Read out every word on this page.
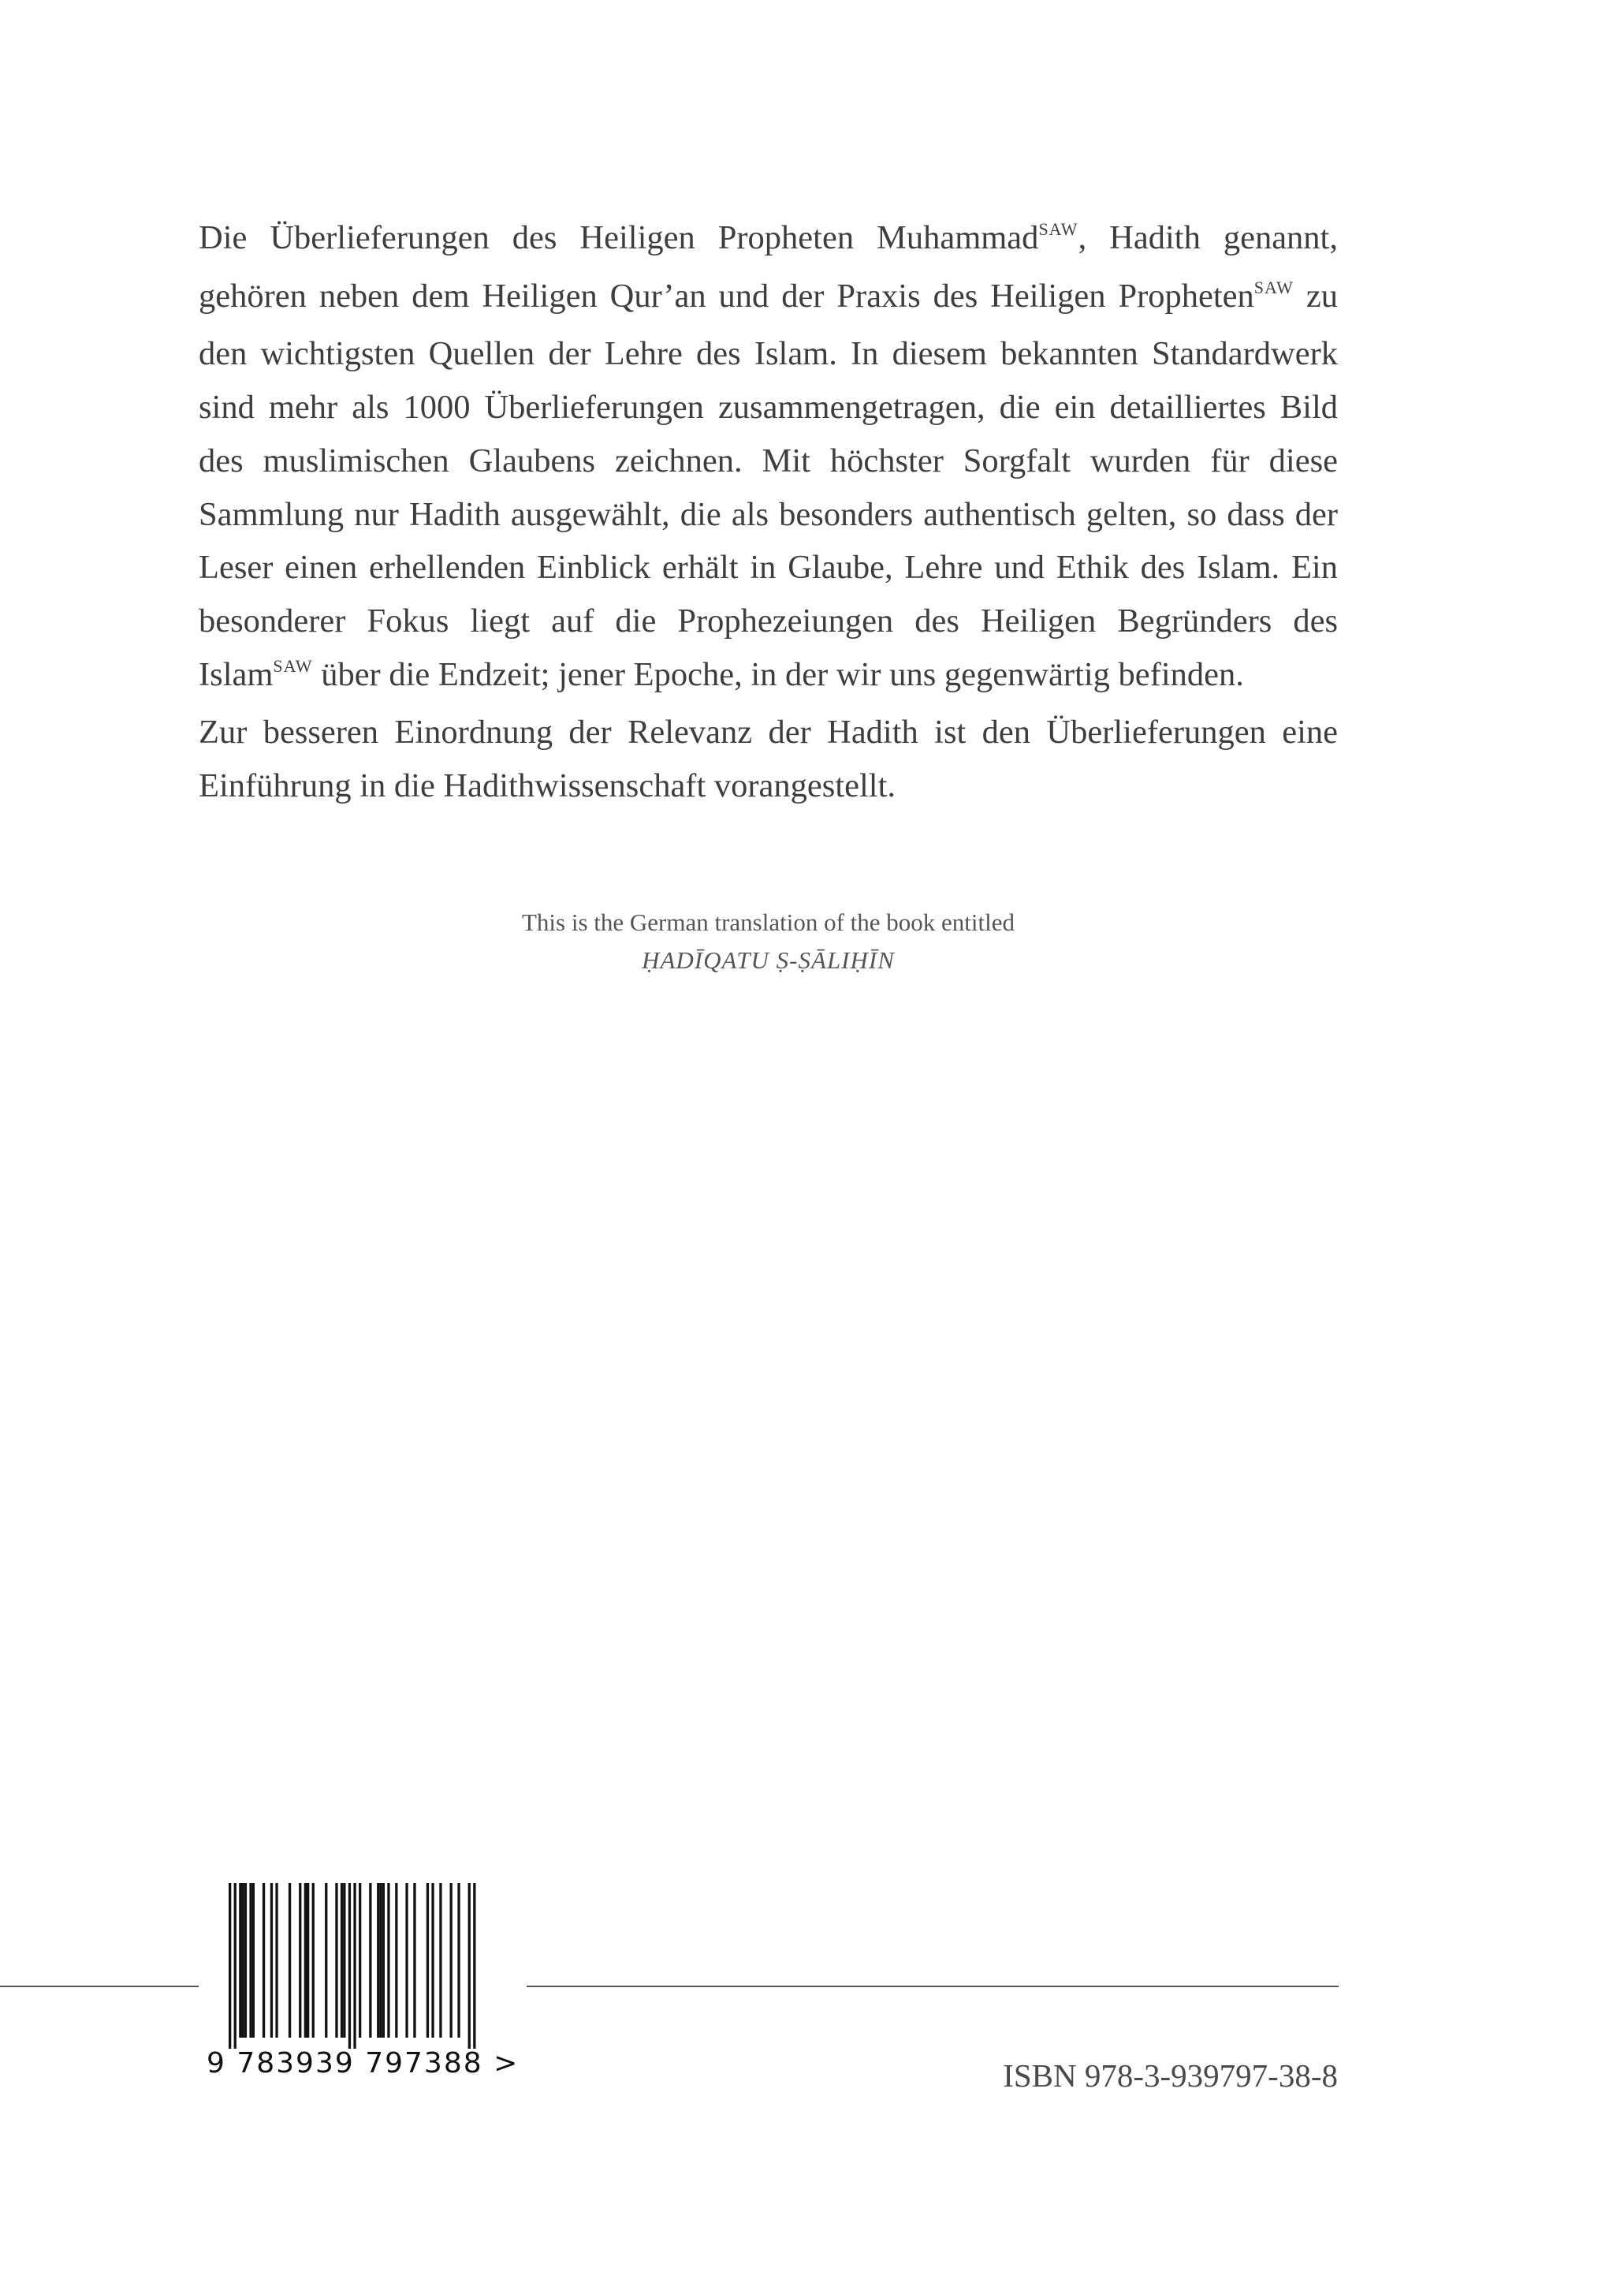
Die Überlieferungen des Heiligen Propheten Muhammad$^{SAW}$, Hadith genannt, gehören neben dem Heiligen Qur’an und der Praxis des Heiligen Propheten$^{SAW}$ zu den wichtigsten Quellen der Lehre des Islam. In diesem bekannten Standardwerk sind mehr als 1000 Überlieferungen zusammengetragen, die ein detailliertes Bild des muslimischen Glaubens zeichnen. Mit höchster Sorgfalt wurden für diese Sammlung nur Hadith ausgewählt, die als besonders authentisch gelten, so dass der Leser einen erhellenden Einblick erhält in Glaube, Lehre und Ethik des Islam. Ein besonderer Fokus liegt auf die Prophezeiungen des Heiligen Begründers des Islam$^{SAW}$ über die Endzeit; jener Epoche, in der wir uns gegenwärtig befinden.

Zur besseren Einordnung der Relevanz der Hadith ist den Überlieferungen eine Einführung in die Hadithwissenschaft vorangestellt.

This is the German translation of the book entitled
ḤADĪQATU Ṣ-ṢĀLIḤĪN
9 783939 797388 >	ISBN 978-3-939797-38-8
